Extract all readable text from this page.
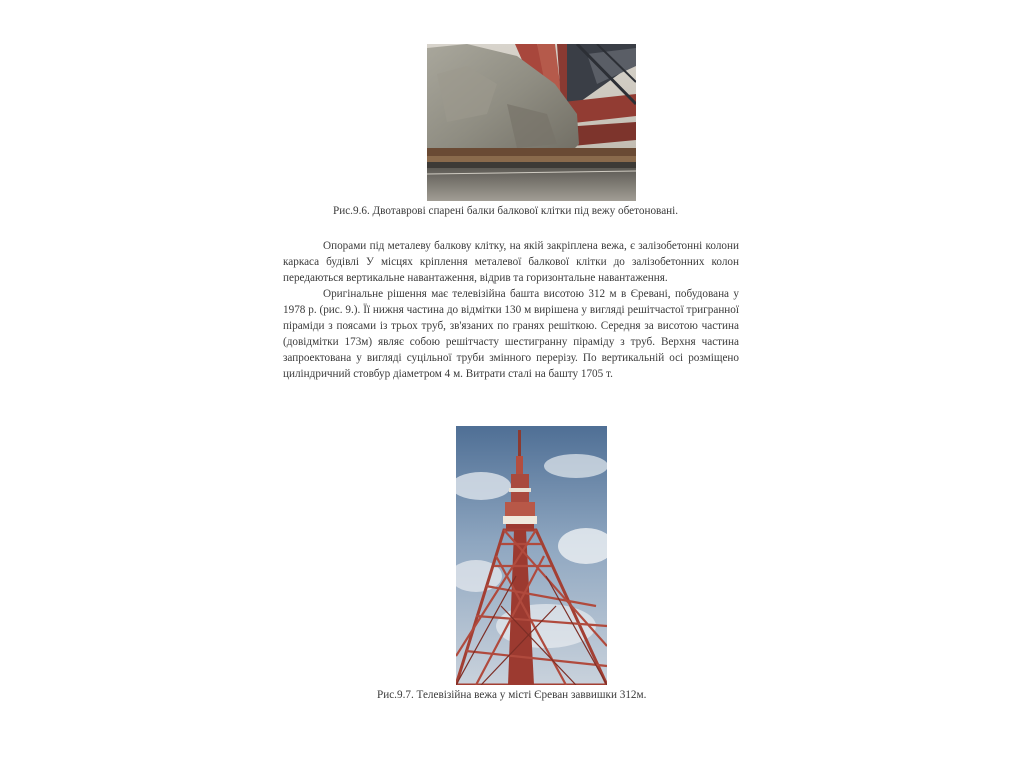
Рис.9.6. Двотаврові спарені балки балкової клітки під вежу обетоновані.

Опорами під металеву балкову клітку, на якій закріплена вежа, є залізобетонні колони каркаса будівлі У місцях кріплення металевої балкової клітки до залізобетонних колон передаються вертикальне навантаження, відрив та горизонтальне навантаження.

Оригінальне рішення має телевізійна башта висотою 312 м в Єревані, побудована у 1978 р. (рис. 9.). Її нижня частина до відмітки 130 м вирішена у вигляді решітчастої тригранної піраміди з поясами із трьох труб, зв'язаних по гранях решіткою. Середня за висотою частина (довідмітки 173м) являє собою решітчасту шестигранну піраміду з труб. Верхня частина запроектована у вигляді суцільної труби змінного перерізу. По вертикальній осі розміщено циліндричний стовбур діаметром 4 м. Витрати сталі на башту 1705 т.

Рис.9.7. Телевізійна вежа у місті Єреван заввишки 312м.
